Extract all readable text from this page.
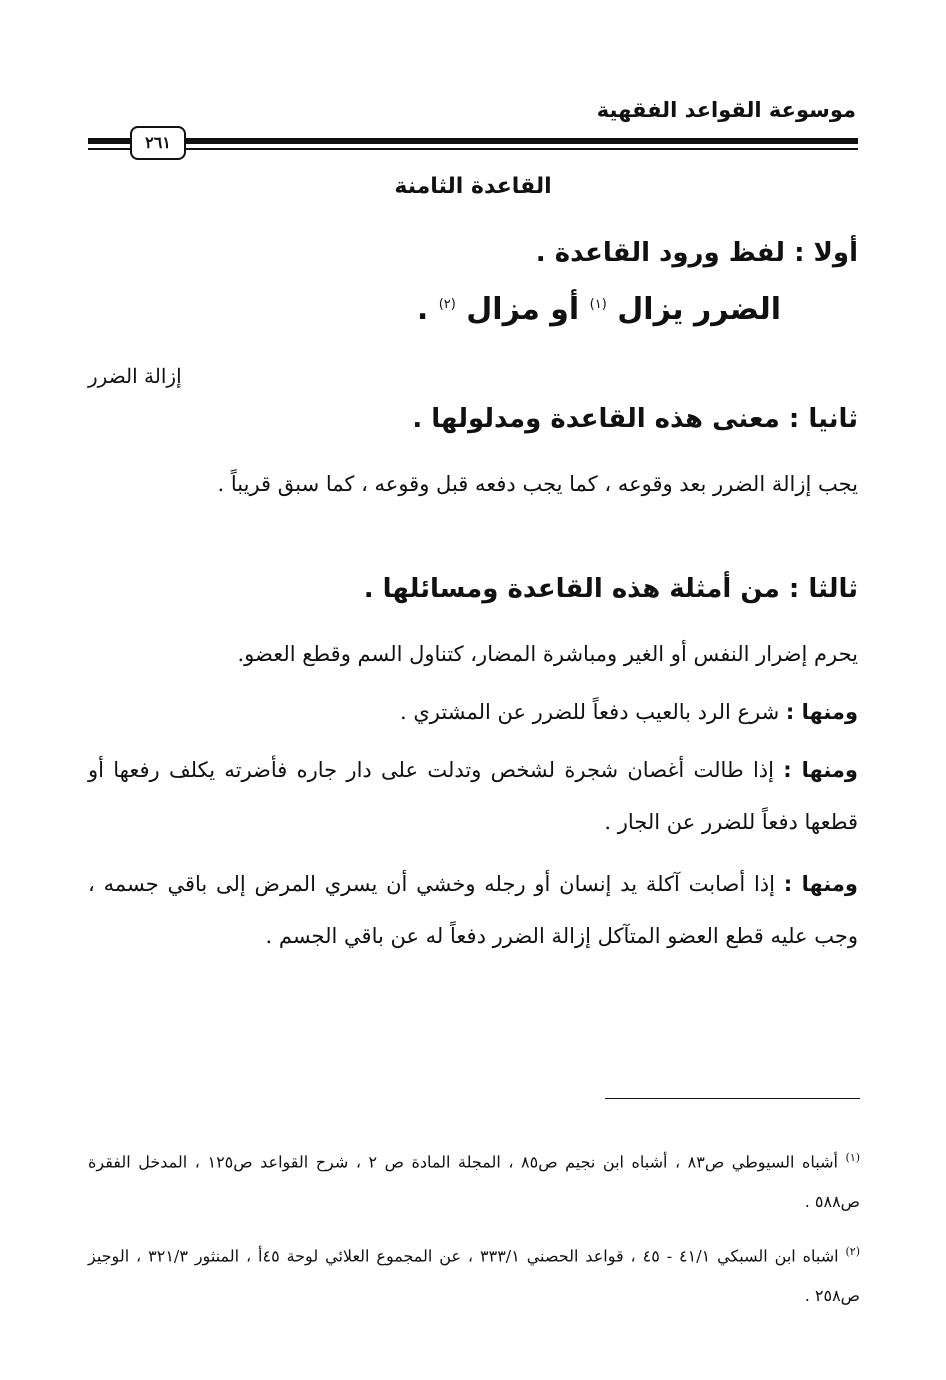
موسوعة القواعد الفقهية
٢٦١
القاعدة الثامنة
أولا : لفظ ورود القاعدة .
الضرر يزال $^{(١)}$ أو مزال $^{(٢)}$ .
إزالة الضرر
ثانيا : معنى هذه القاعدة ومدلولها .
يجب إزالة الضرر بعد وقوعه ، كما يجب دفعه قبل وقوعه ، كما سبق قريباً .
ثالثا : من أمثلة هذه القاعدة ومسائلها .
يحرم إضرار النفس أو الغير ومباشرة المضار، كتناول السم وقطع العضو.
ومنها : شرع الرد بالعيب دفعاً للضرر عن المشتري .
ومنها : إذا طالت أغصان شجرة لشخص وتدلت على دار جاره فأضرته يكلف رفعها أو قطعها دفعاً للضرر عن الجار .
ومنها : إذا أصابت آكلة يد إنسان أو رجله وخشي أن يسري المرض إلى باقي جسمه ، وجب عليه قطع العضو المتآكل إزالة الضرر دفعاً له عن باقي الجسم .
$^{(١)}$ أشباه السيوطي ص٨٣ ، أشباه ابن نجيم ص٨٥ ، المجلة المادة ص ٢ ، شرح القواعد ص١٢٥ ، المدخل الفقرة ص٥٨٨ .
$^{(٢)}$ اشباه ابن السبكي ٤١/١ - ٤٥ ، قواعد الحصني ٣٣٣/١ ، عن المجموع العلائي لوحة ٤٥أ ، المنثور ٣٢١/٣ ، الوجيز ص٢٥٨ .
